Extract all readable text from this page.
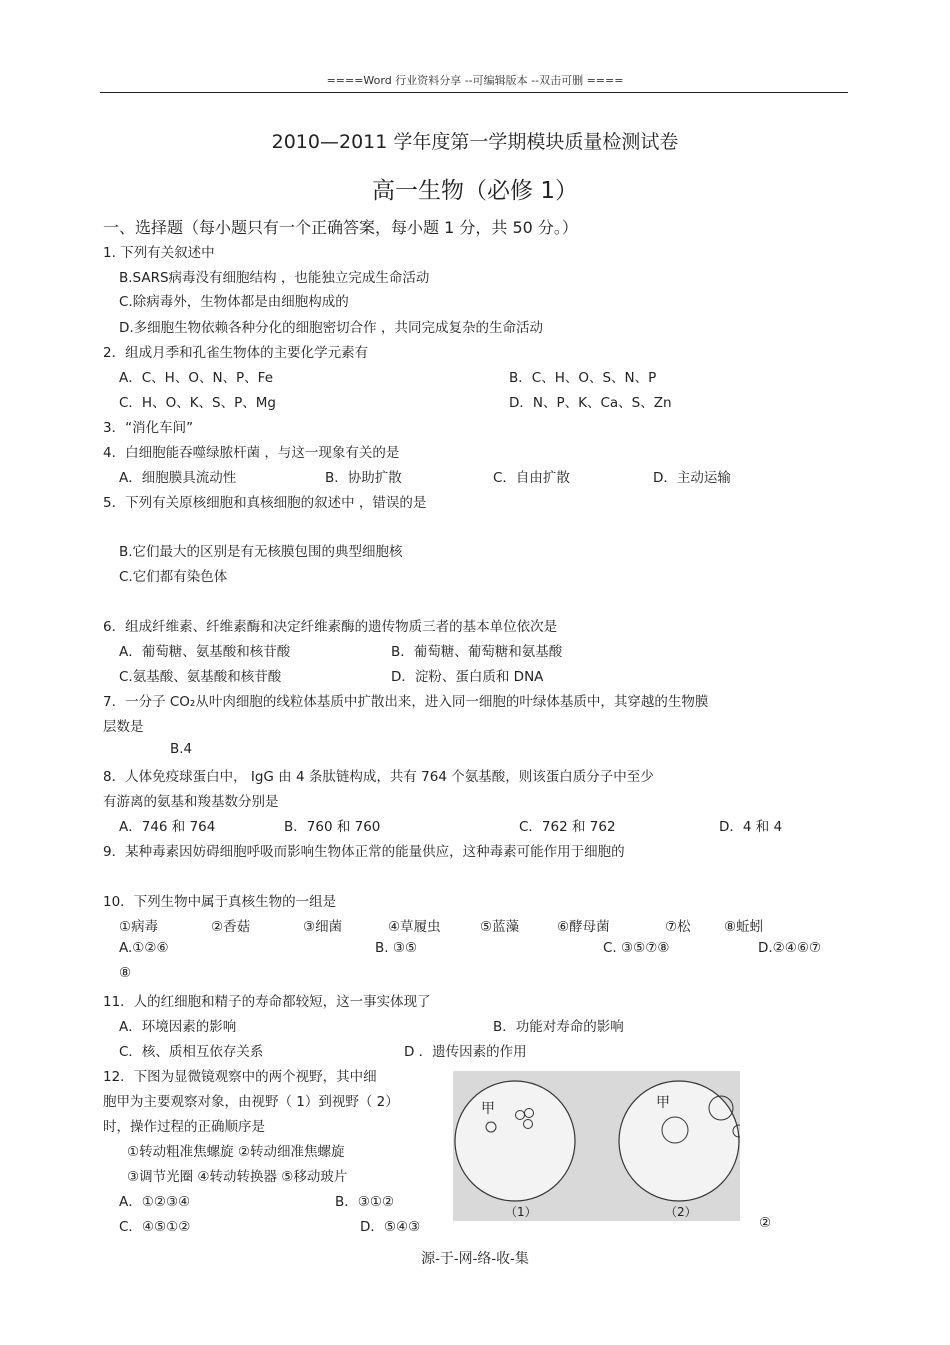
====Word 行业资料分享 --可编辑版本 --双击可删 ====
2010—2011 学年度第一学期模块质量检测试卷
高一生物（必修 1）
一、选择题（每小题只有一个正确答案，每小题 1 分，共 50 分。）
1. 下列有关叙述中
B.SARS病毒没有细胞结构 ，也能独立完成生命活动
C.除病毒外，生物体都是由细胞构成的
D.多细胞生物依赖各种分化的细胞密切合作 ，共同完成复杂的生命活动
2．组成月季和孔雀生物体的主要化学元素有
A．C、H、O、N、P、Fe	B．C、H、O、S、N、P
C．H、O、K、S、P、Mg	D．N、P、K、Ca、S、Zn
3．“消化车间”
4．白细胞能吞噬绿脓杆菌 ，与这一现象有关的是
A．细胞膜具流动性	B．协助扩散	C．自由扩散	D．主动运输
5．下列有关原核细胞和真核细胞的叙述中 ，错误的是
B.它们最大的区别是有无核膜包围的典型细胞核
C.它们都有染色体
6．组成纤维素、纤维素酶和决定纤维素酶的遗传物质三者的基本单位依次是
A．葡萄糖、氨基酸和核苷酸	B．葡萄糖、葡萄糖和氨基酸
C.氨基酸、氨基酸和核苷酸	D．淀粉、蛋白质和 DNA
7．一分子 CO₂从叶肉细胞的线粒体基质中扩散出来，进入同一细胞的叶绿体基质中，其穿越的生物膜
层数是
B.4
8．人体免疫球蛋白中， IgG 由 4 条肽链构成，共有 764 个氨基酸，则该蛋白质分子中至少
有游离的氨基和羧基数分别是
A．746 和 764	B．760 和 760	C．762 和 762	D．4 和 4
9．某种毒素因妨碍细胞呼吸而影响生物体正常的能量供应，这种毒素可能作用于细胞的
10．下列生物中属于真核生物的一组是
①病毒	②香菇	③细菌	④草履虫	⑤蓝藻	⑥酵母菌	⑦松 ⑧蚯蚓
A.①②⑥	B. ③⑤	C. ③⑤⑦⑧	D.②④⑥⑦
⑧
11．人的红细胞和精子的寿命都较短，这一事实体现了
A．环境因素的影响	B．功能对寿命的影响
C．核、质相互依存关系	D ．遗传因素的作用
12．下图为显微镜观察中的两个视野，其中细
胞甲为主要观察对象，由视野（ 1）到视野（ 2）
时，操作过程的正确顺序是
①转动粗准焦螺旋 ②转动细准焦螺旋
③调节光圈 ④转动转换器 ⑤移动玻片
A．①②③④	B．③①②
C．④⑤①②	D．⑤④③	②
甲
（1）
甲
（2）
源-于-网-络-收-集
